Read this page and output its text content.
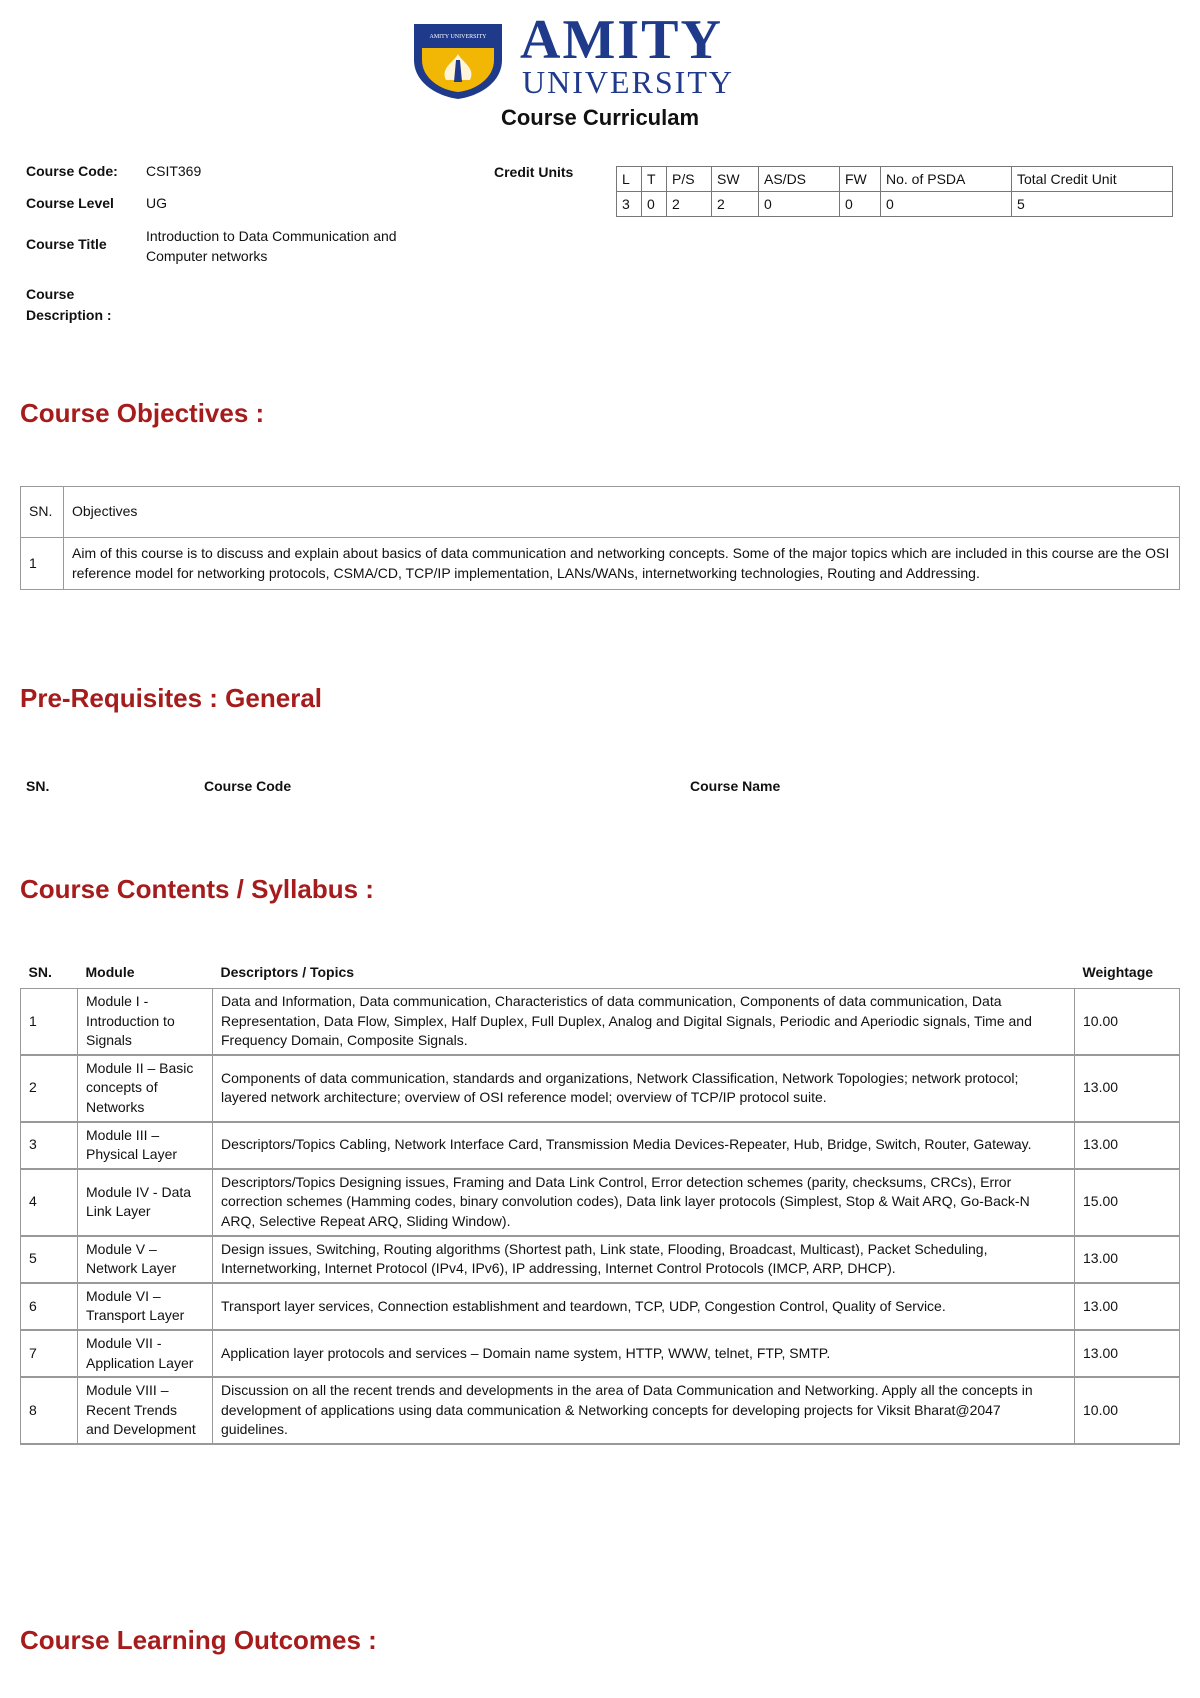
AMITY UNIVERSITY AMITY
UNIVERSITY
Course Curriculam
Course Code: CSIT369
Course Level UG
Course Title	Introduction to Data Communication and Computer networks
Course Description :
Credit Units	L	T	P/S	SW	AS/DS	FW	No. of PSDA	Total Credit Unit
3	0	2	2	0	0	0	5
Course Objectives :
SN.	Objectives
1	Aim of this course is to discuss and explain about basics of data communication and networking concepts. Some of the major topics which are included in this course are the OSI reference model for networking protocols, CSMA/CD, TCP/IP implementation, LANs/WANs, internetworking technologies, Routing and Addressing.
Pre-Requisites : General
SN.	Course Code	Course Name
Course Contents / Syllabus :
SN.	Module	Descriptors / Topics	Weightage
1	Module I - Introduction to Signals	Data and Information, Data communication, Characteristics of data communication, Components of data communication, Data Representation, Data Flow, Simplex, Half Duplex, Full Duplex, Analog and Digital Signals, Periodic and Aperiodic signals, Time and Frequency Domain, Composite Signals.	10.00
2	Module II – Basic concepts of Networks	Components of data communication, standards and organizations, Network Classification, Network Topologies; network protocol; layered network architecture; overview of OSI reference model; overview of TCP/IP protocol suite.	13.00
3	Module III – Physical Layer	Descriptors/Topics Cabling, Network Interface Card, Transmission Media Devices-Repeater, Hub, Bridge, Switch, Router, Gateway.	13.00
4	Module IV - Data Link Layer	Descriptors/Topics Designing issues, Framing and Data Link Control, Error detection schemes (parity, checksums, CRCs), Error correction schemes (Hamming codes, binary convolution codes), Data link layer protocols (Simplest, Stop & Wait ARQ, Go-Back-N ARQ, Selective Repeat ARQ, Sliding Window).	15.00
5	Module V – Network Layer	Design issues, Switching, Routing algorithms (Shortest path, Link state, Flooding, Broadcast, Multicast), Packet Scheduling, Internetworking, Internet Protocol (IPv4, IPv6), IP addressing, Internet Control Protocols (IMCP, ARP, DHCP).	13.00
6	Module VI – Transport Layer	Transport layer services, Connection establishment and teardown, TCP, UDP, Congestion Control, Quality of Service.	13.00
7	Module VII - Application Layer	Application layer protocols and services – Domain name system, HTTP, WWW, telnet, FTP, SMTP.	13.00
8	Module VIII – Recent Trends and Development	Discussion on all the recent trends and developments in the area of Data Communication and Networking. Apply all the concepts in development of applications using data communication & Networking concepts for developing projects for Viksit Bharat@2047 guidelines.	10.00
Course Learning Outcomes :
